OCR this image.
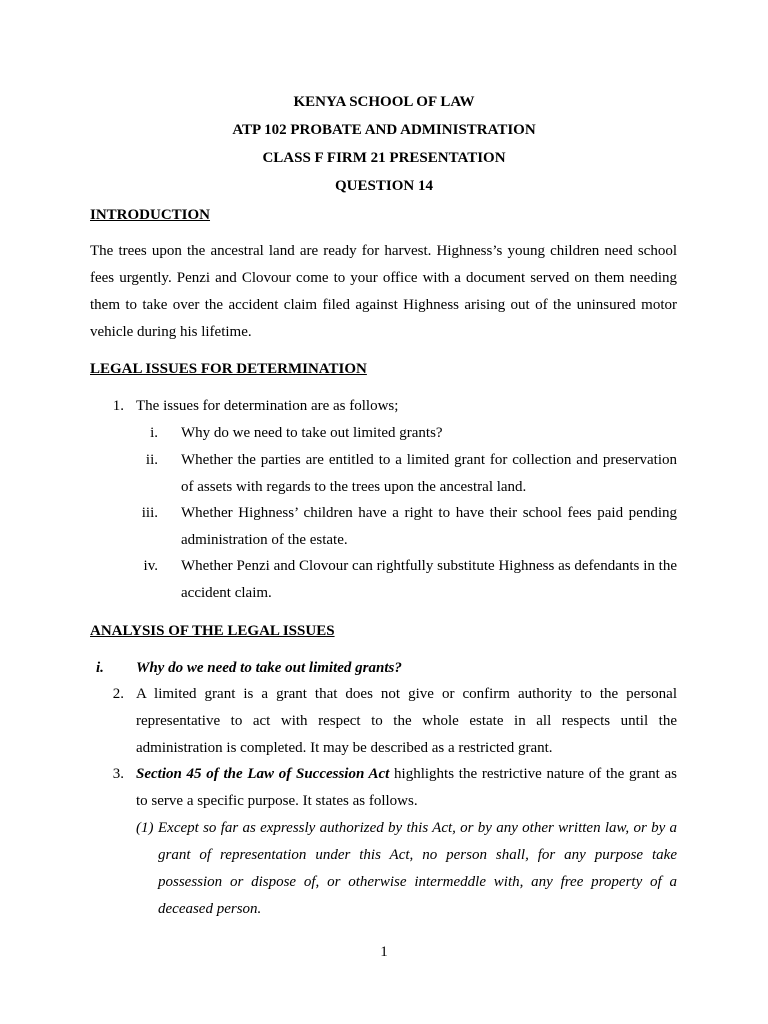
KENYA SCHOOL OF LAW
ATP 102 PROBATE AND ADMINISTRATION
CLASS F FIRM 21 PRESENTATION
QUESTION 14
INTRODUCTION
The trees upon the ancestral land are ready for harvest. Highness’s young children need school fees urgently. Penzi and Clovour come to your office with a document served on them needing them to take over the accident claim filed against Highness arising out of the uninsured motor vehicle during his lifetime.
LEGAL ISSUES FOR DETERMINATION
1. The issues for determination are as follows;
i. Why do we need to take out limited grants?
ii. Whether the parties are entitled to a limited grant for collection and preservation of assets with regards to the trees upon the ancestral land.
iii. Whether Highness’ children have a right to have their school fees paid pending administration of the estate.
iv. Whether Penzi and Clovour can rightfully substitute Highness as defendants in the accident claim.
ANALYSIS OF THE LEGAL ISSUES
i. Why do we need to take out limited grants?
2. A limited grant is a grant that does not give or confirm authority to the personal representative to act with respect to the whole estate in all respects until the administration is completed. It may be described as a restricted grant.
3. Section 45 of the Law of Succession Act highlights the restrictive nature of the grant as to serve a specific purpose. It states as follows.
(1) Except so far as expressly authorized by this Act, or by any other written law, or by a grant of representation under this Act, no person shall, for any purpose take possession or dispose of, or otherwise intermeddle with, any free property of a deceased person.
1
